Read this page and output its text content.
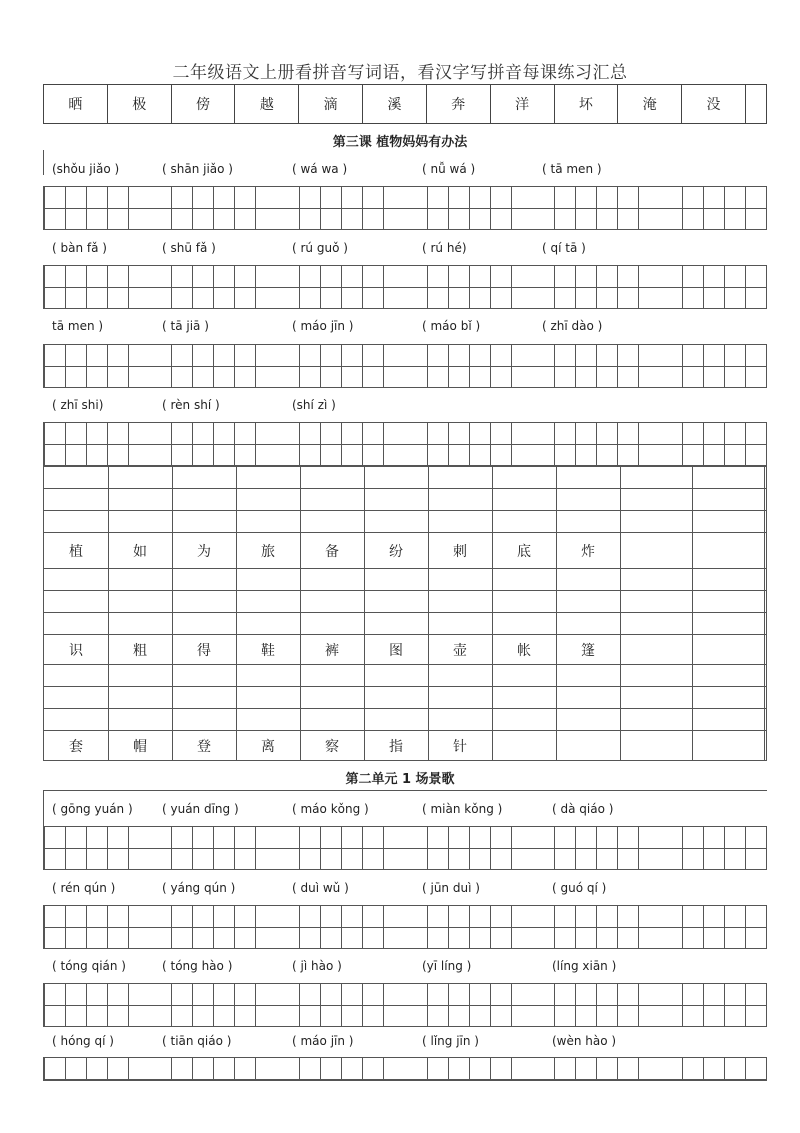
二年级语文上册看拼音写词语，看汉字写拼音每课练习汇总
晒	极	傍	越	滴	溪	奔	洋	坏	淹	没
第三课 植物妈妈有办法
(shǒu jiǎo )	( shān jiǎo )	( wá wa )	( nǚ wá )	( tā men )
( bàn fǎ )	( shū fǎ )	( rú guǒ )	( rú hé)	( qí tā )
tā men )	( tā jiā )	( máo jīn )	( máo bǐ )	( zhī dào )
( zhī shi)	( rèn shí )	(shí zì )
植	如	为	旅	备	纷	刺	底	炸
识	粗	得	鞋	裤	图	壶	帐	篷
套	帽	登	离	察	指	针
第二单元 1 场景歌
( gōng yuán ) ( yuán dīng )	( máo kǒng )	( miàn kǒng )	( dà qiáo )
( rén qún )	( yáng qún )	( duì wǔ )	( jūn duì )	( guó qí )
( tóng qián )	( tóng hào )	( jì hào )	(yī líng )	(líng xiān )
( hóng qí )	( tiān qiáo )	( máo jīn )	( lǐng jīn )	(wèn hào )
